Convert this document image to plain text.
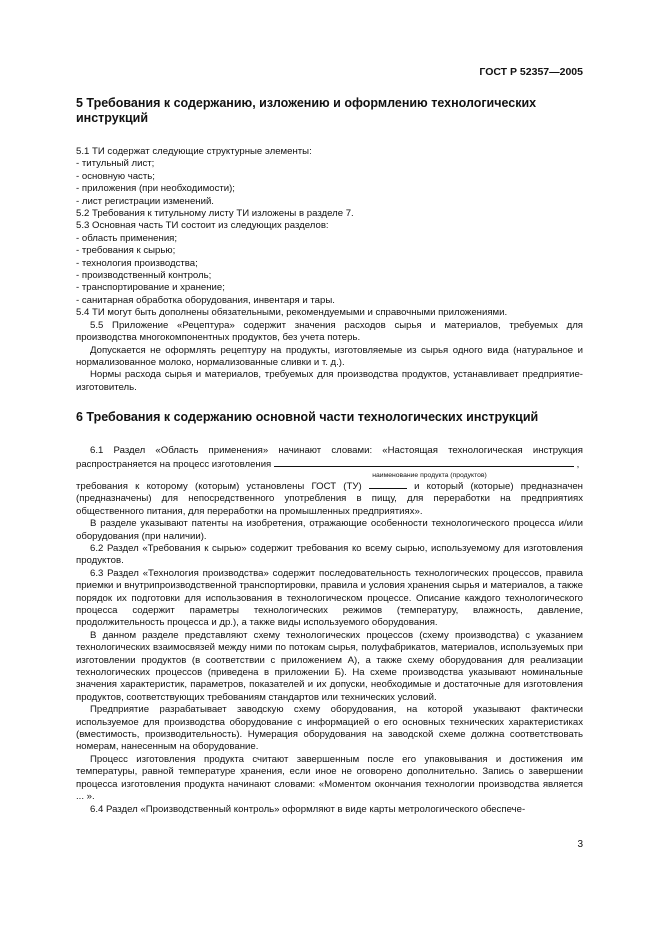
ГОСТ Р 52357—2005
5 Требования к содержанию, изложению и оформлению технологических инструкций

5.1 ТИ содержат следующие структурные элементы:

- титульный лист;

- основную часть;

- приложения (при необходимости);

- лист регистрации изменений.

5.2 Требования к титульному листу ТИ изложены в разделе 7.

5.3 Основная часть ТИ состоит из следующих разделов:

- область применения;

- требования к сырью;

- технология производства;

- производственный контроль;

- транспортирование и хранение;

- санитарная обработка оборудования, инвентаря и тары.

5.4 ТИ могут быть дополнены обязательными, рекомендуемыми и справочными приложениями.

5.5 Приложение «Рецептура» содержит значения расходов сырья и материалов, требуемых для производства многокомпонентных продуктов, без учета потерь.

Допускается не оформлять рецептуру на продукты, изготовляемые из сырья одного вида (натуральное и нормализованное молоко, нормализованные сливки и т. д.).

Нормы расхода сырья и материалов, требуемых для производства продуктов, устанавливает предприятие-изготовитель.

6 Требования к содержанию основной части технологических инструкций

6.1 Раздел «Область применения» начинают словами: «Настоящая технологическая инструкция распространяется на процесс изготовления	,

наименование продукта (продуктов)

требования к которому (которым) установлены ГОСТ (ТУ)	и который (которые) предназначен (предназначены) для непосредственного употребления в пищу, для переработки на предприятиях общественного питания, для переработки на промышленных предприятиях».

В разделе указывают патенты на изобретения, отражающие особенности технологического процесса и/или оборудования (при наличии).

6.2 Раздел «Требования к сырью» содержит требования ко всему сырью, используемому для изготовления продуктов.

6.3 Раздел «Технология производства» содержит последовательность технологических процессов, правила приемки и внутрипроизводственной транспортировки, правила и условия хранения сырья и материалов, а также порядок их подготовки для использования в технологическом процессе. Описание каждого технологического процесса содержит параметры технологических режимов (температуру, влажность, давление, продолжительность процесса и др.), а также виды используемого оборудования.

В данном разделе представляют схему технологических процессов (схему производства) с указанием технологических взаимосвязей между ними по потокам сырья, полуфабрикатов, материалов, используемых при изготовлении продуктов (в соответствии с приложением А), а также схему оборудования для реализации технологических процессов (приведена в приложении Б). На схеме производства указывают номинальные значения характеристик, параметров, показателей и их допуски, необходимые и достаточные для изготовления продуктов, соответствующих требованиям стандартов или технических условий.

Предприятие разрабатывает заводскую схему оборудования, на которой указывают фактически используемое для производства оборудование с информацией о его основных технических характеристиках (вместимость, производительность). Нумерация оборудования на заводской схеме должна соответствовать номерам, нанесенным на оборудование.

Процесс изготовления продукта считают завершенным после его упаковывания и достижения им температуры, равной температуре хранения, если иное не оговорено дополнительно. Запись о завершении процесса изготовления продукта начинают словами: «Моментом окончания технологии производства является ... ».

6.4 Раздел «Производственный контроль» оформляют в виде карты метрологического обеспече-

3
